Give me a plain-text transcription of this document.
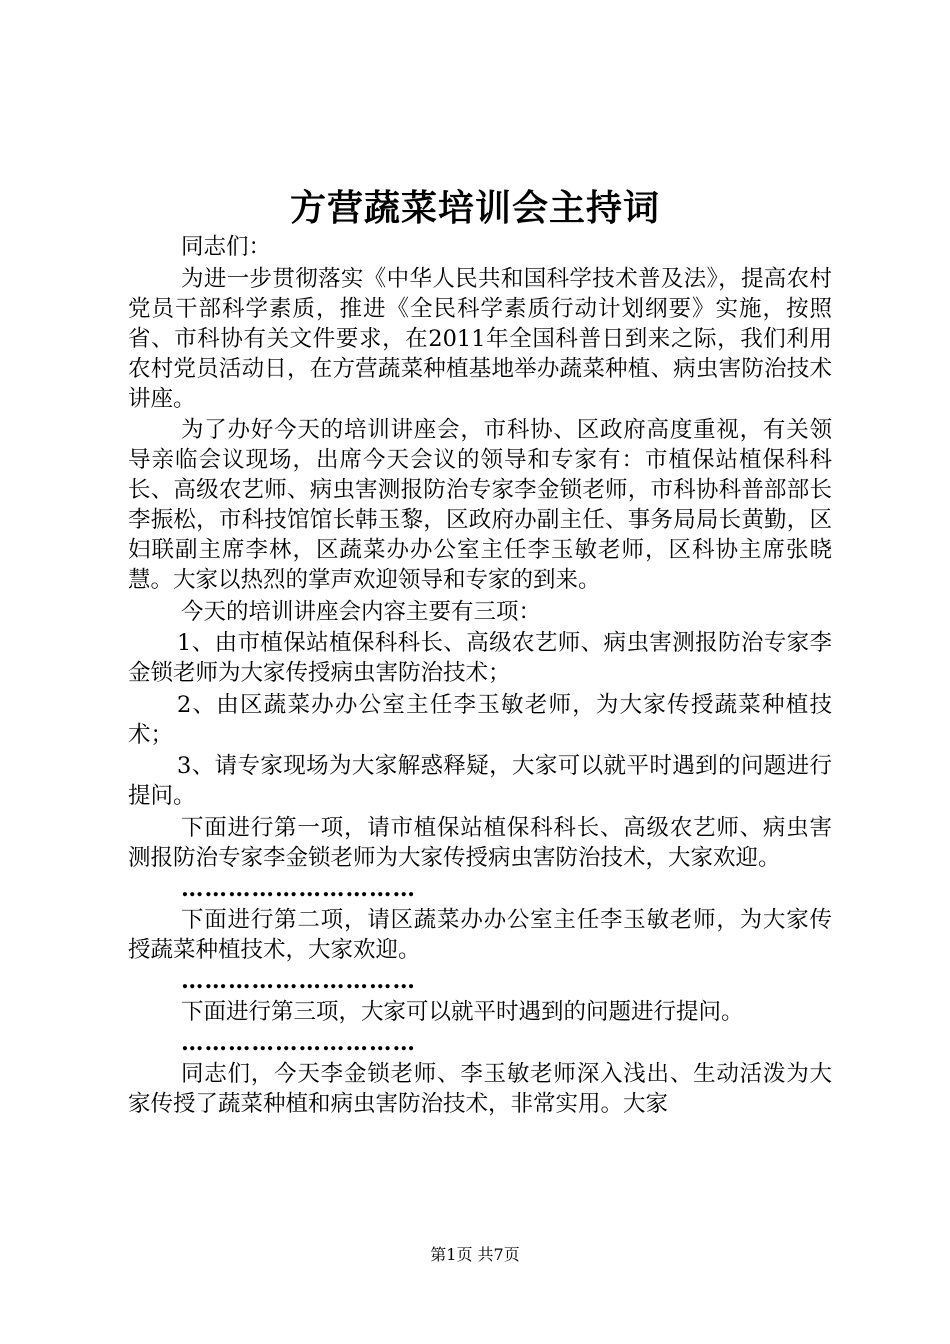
方营蔬菜培训会主持词

同志们：

为进一步贯彻落实《中华人民共和国科学技术普及法》，提高农村党员干部科学素质，推进《全民科学素质行动计划纲要》实施，按照省、市科协有关文件要求，在2011年全国科普日到来之际，我们利用农村党员活动日，在方营蔬菜种植基地举办蔬菜种植、病虫害防治技术讲座。

为了办好今天的培训讲座会，市科协、区政府高度重视，有关领导亲临会议现场，出席今天会议的领导和专家有：市植保站植保科科长、高级农艺师、病虫害测报防治专家李金锁老师，市科协科普部部长李振松，市科技馆馆长韩玉黎，区政府办副主任、事务局局长黄勤，区妇联副主席李林，区蔬菜办办公室主任李玉敏老师，区科协主席张晓慧。大家以热烈的掌声欢迎领导和专家的到来。

今天的培训讲座会内容主要有三项：

1、由市植保站植保科科长、高级农艺师、病虫害测报防治专家李金锁老师为大家传授病虫害防治技术；

2、由区蔬菜办办公室主任李玉敏老师，为大家传授蔬菜种植技术；

3、请专家现场为大家解惑释疑，大家可以就平时遇到的问题进行提问。

下面进行第一项，请市植保站植保科科长、高级农艺师、病虫害测报防治专家李金锁老师为大家传授病虫害防治技术，大家欢迎。

…………………………

下面进行第二项，请区蔬菜办办公室主任李玉敏老师，为大家传授蔬菜种植技术，大家欢迎。

…………………………

下面进行第三项，大家可以就平时遇到的问题进行提问。

…………………………

同志们，今天李金锁老师、李玉敏老师深入浅出、生动活泼为大家传授了蔬菜种植和病虫害防治技术，非常实用。大家

第1页 共7页
